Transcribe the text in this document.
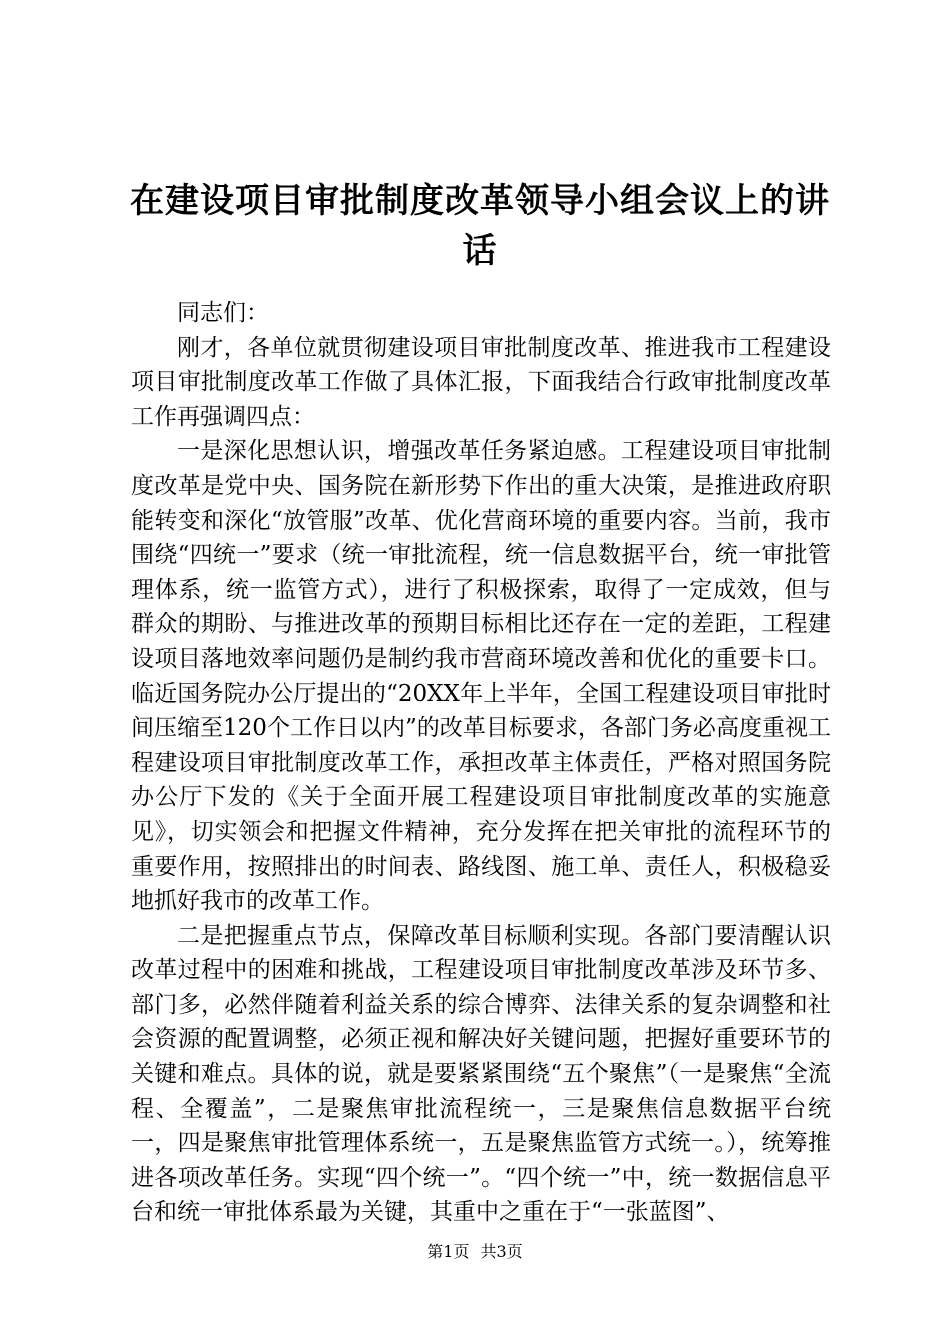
在建设项目审批制度改革领导小组会议上的讲话

同志们：

刚才，各单位就贯彻建设项目审批制度改革、推进我市工程建设项目审批制度改革工作做了具体汇报，下面我结合行政审批制度改革工作再强调四点：

一是深化思想认识，增强改革任务紧迫感。工程建设项目审批制度改革是党中央、国务院在新形势下作出的重大决策，是推进政府职能转变和深化“放管服”改革、优化营商环境的重要内容。当前，我市围绕“四统一”要求（统一审批流程，统一信息数据平台，统一审批管理体系，统一监管方式），进行了积极探索，取得了一定成效，但与群众的期盼、与推进改革的预期目标相比还存在一定的差距，工程建设项目落地效率问题仍是制约我市营商环境改善和优化的重要卡口。临近国务院办公厅提出的“20XX年上半年，全国工程建设项目审批时间压缩至120个工作日以内”的改革目标要求，各部门务必高度重视工程建设项目审批制度改革工作，承担改革主体责任，严格对照国务院办公厅下发的《关于全面开展工程建设项目审批制度改革的实施意见》，切实领会和把握文件精神，充分发挥在把关审批的流程环节的重要作用，按照排出的时间表、路线图、施工单、责任人，积极稳妥地抓好我市的改革工作。

二是把握重点节点，保障改革目标顺利实现。各部门要清醒认识改革过程中的困难和挑战，工程建设项目审批制度改革涉及环节多、部门多，必然伴随着利益关系的综合博弈、法律关系的复杂调整和社会资源的配置调整，必须正视和解决好关键问题，把握好重要环节的关键和难点。具体的说，就是要紧紧围绕“五个聚焦”（一是聚焦“全流程、全覆盖”，二是聚焦审批流程统一，三是聚焦信息数据平台统一，四是聚焦审批管理体系统一，五是聚焦监管方式统一。），统筹推进各项改革任务。实现“四个统一”。“四个统一”中，统一数据信息平台和统一审批体系最为关键，其重中之重在于“一张蓝图”、

第1页 共3页
